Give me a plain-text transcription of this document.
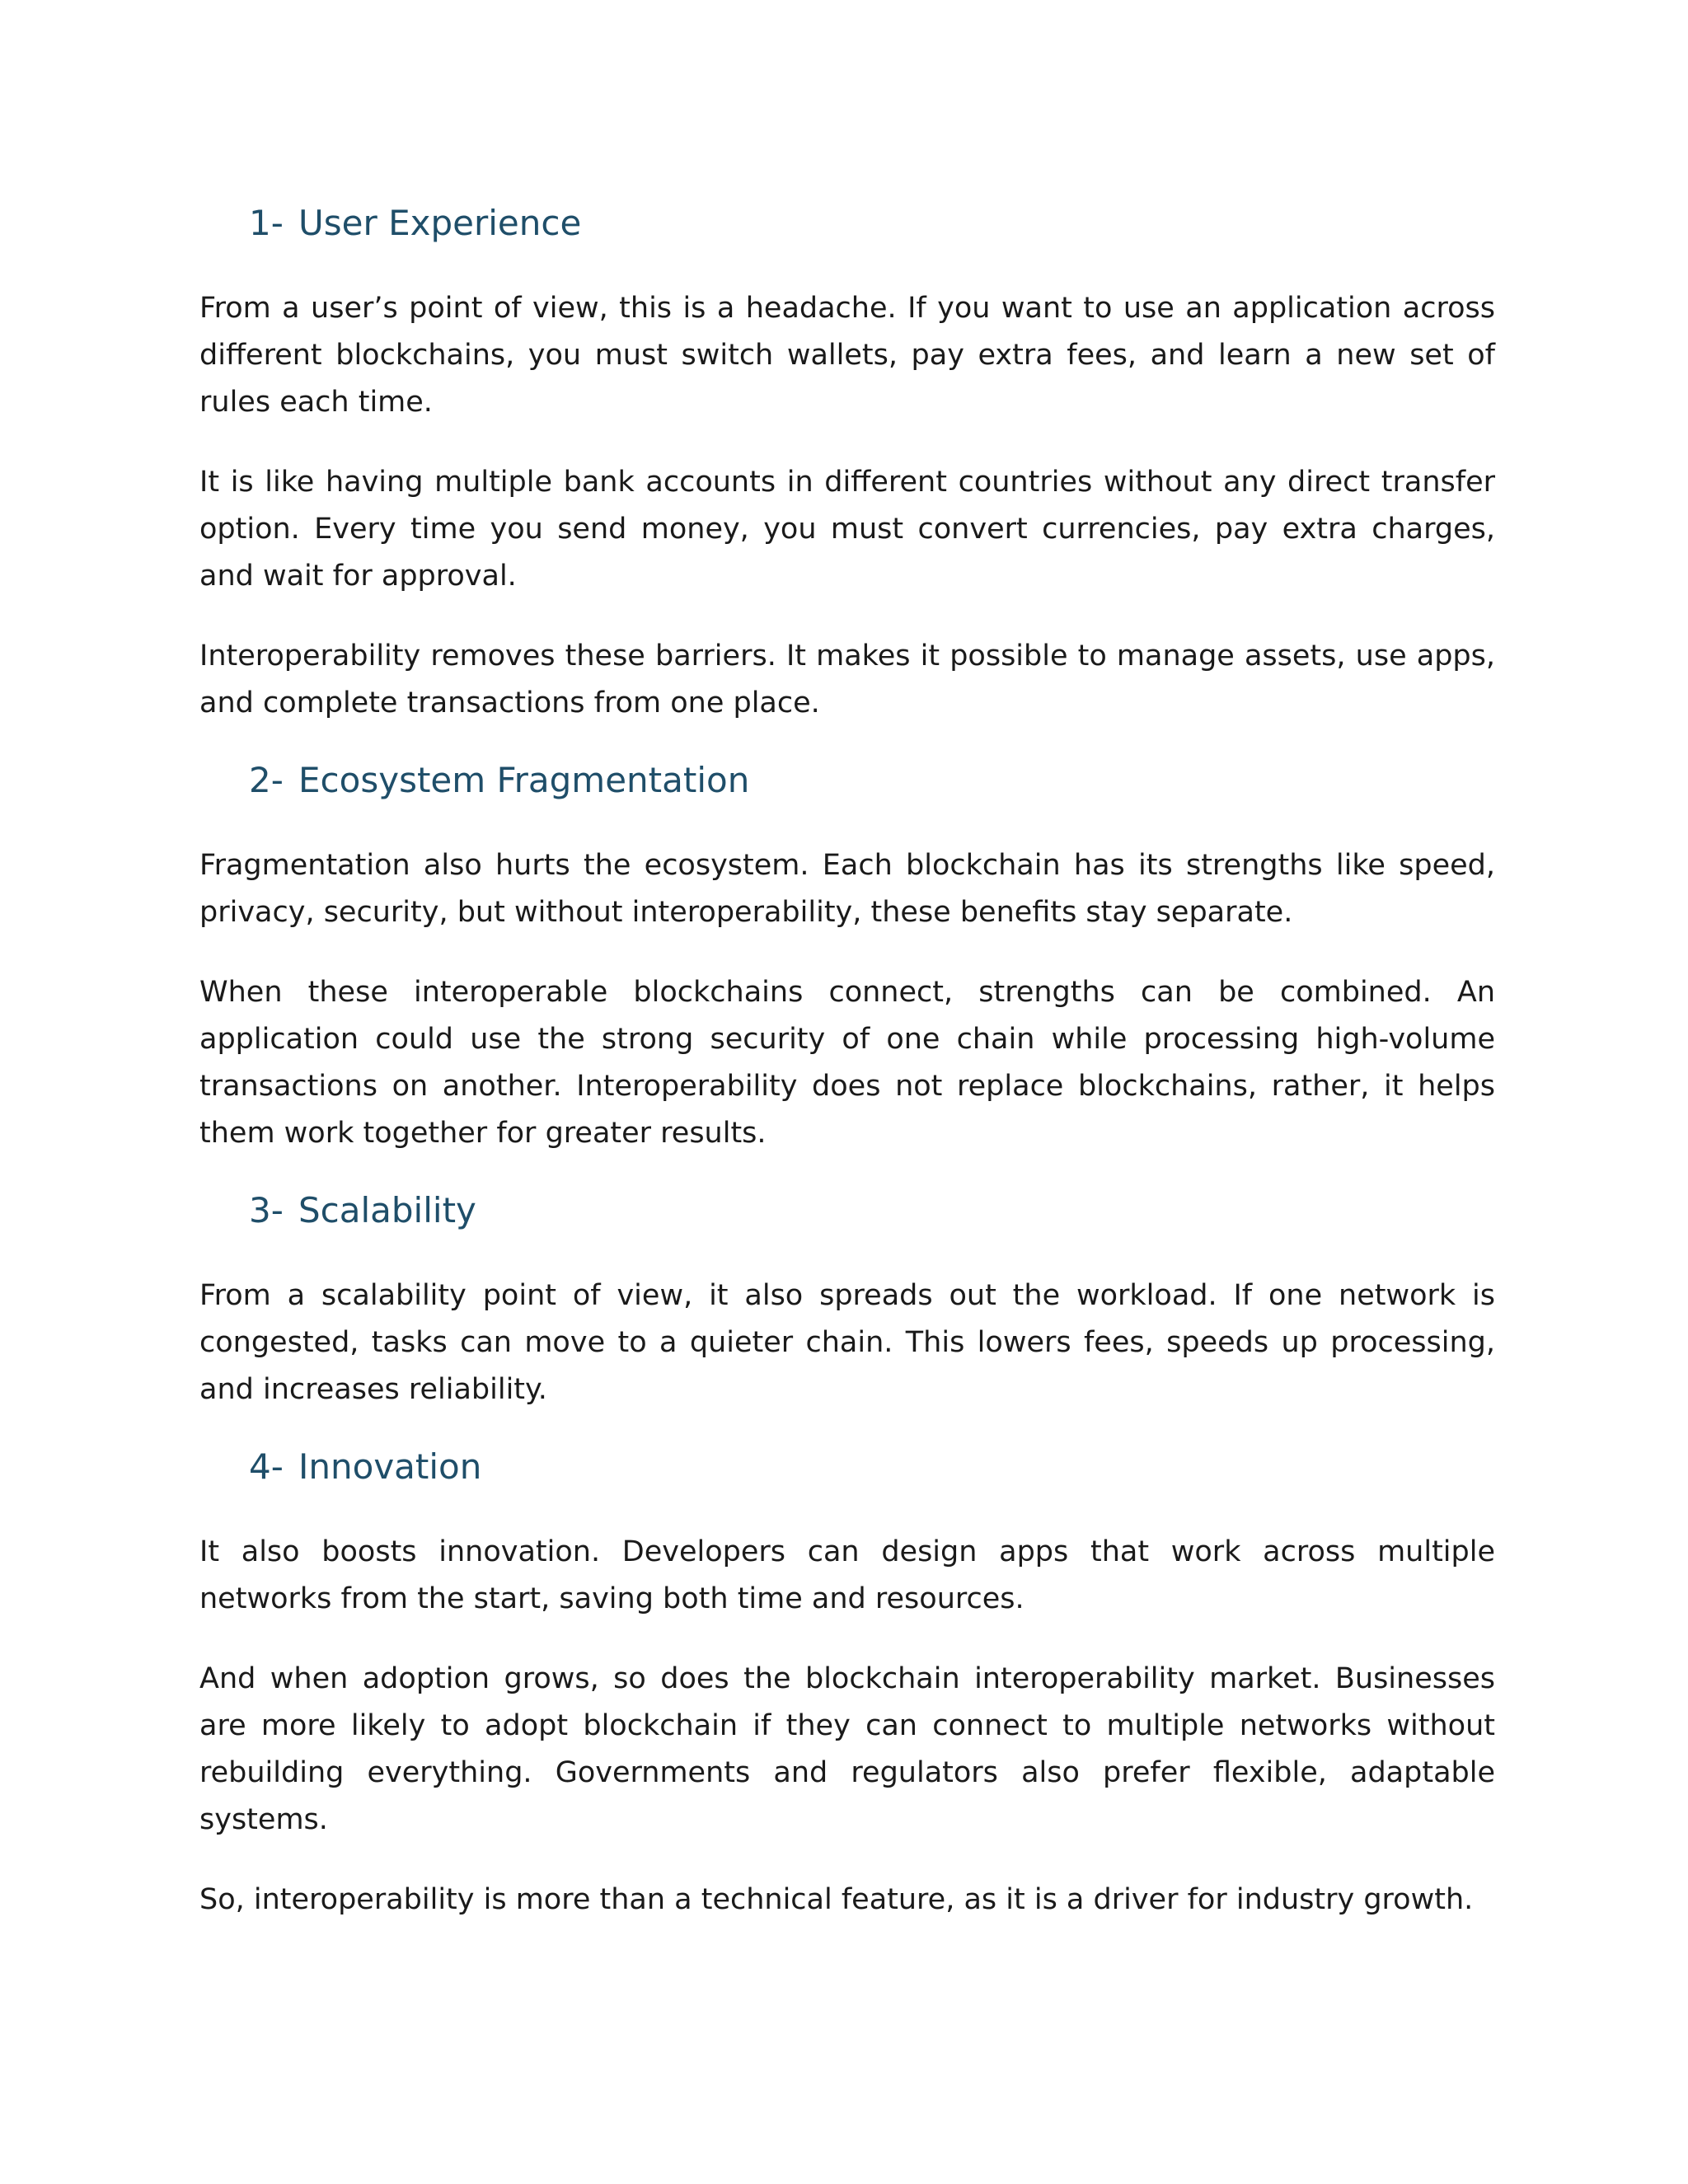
1- User Experience

From a user’s point of view, this is a headache. If you want to use an application across different blockchains, you must switch wallets, pay extra fees, and learn a new set of rules each time.

It is like having multiple bank accounts in different countries without any direct transfer option. Every time you send money, you must convert currencies, pay extra charges, and wait for approval.

Interoperability removes these barriers. It makes it possible to manage assets, use apps, and complete transactions from one place.

2- Ecosystem Fragmentation

Fragmentation also hurts the ecosystem. Each blockchain has its strengths like speed, privacy, security, but without interoperability, these benefits stay separate.

When these interoperable blockchains connect, strengths can be combined. An application could use the strong security of one chain while processing high-volume transactions on another. Interoperability does not replace blockchains, rather, it helps them work together for greater results.

3- Scalability

From a scalability point of view, it also spreads out the workload. If one network is congested, tasks can move to a quieter chain. This lowers fees, speeds up processing, and increases reliability.

4- Innovation

It also boosts innovation. Developers can design apps that work across multiple networks from the start, saving both time and resources.

And when adoption grows, so does the blockchain interoperability market. Businesses are more likely to adopt blockchain if they can connect to multiple networks without rebuilding everything. Governments and regulators also prefer flexible, adaptable systems.

So, interoperability is more than a technical feature, as it is a driver for industry growth.
